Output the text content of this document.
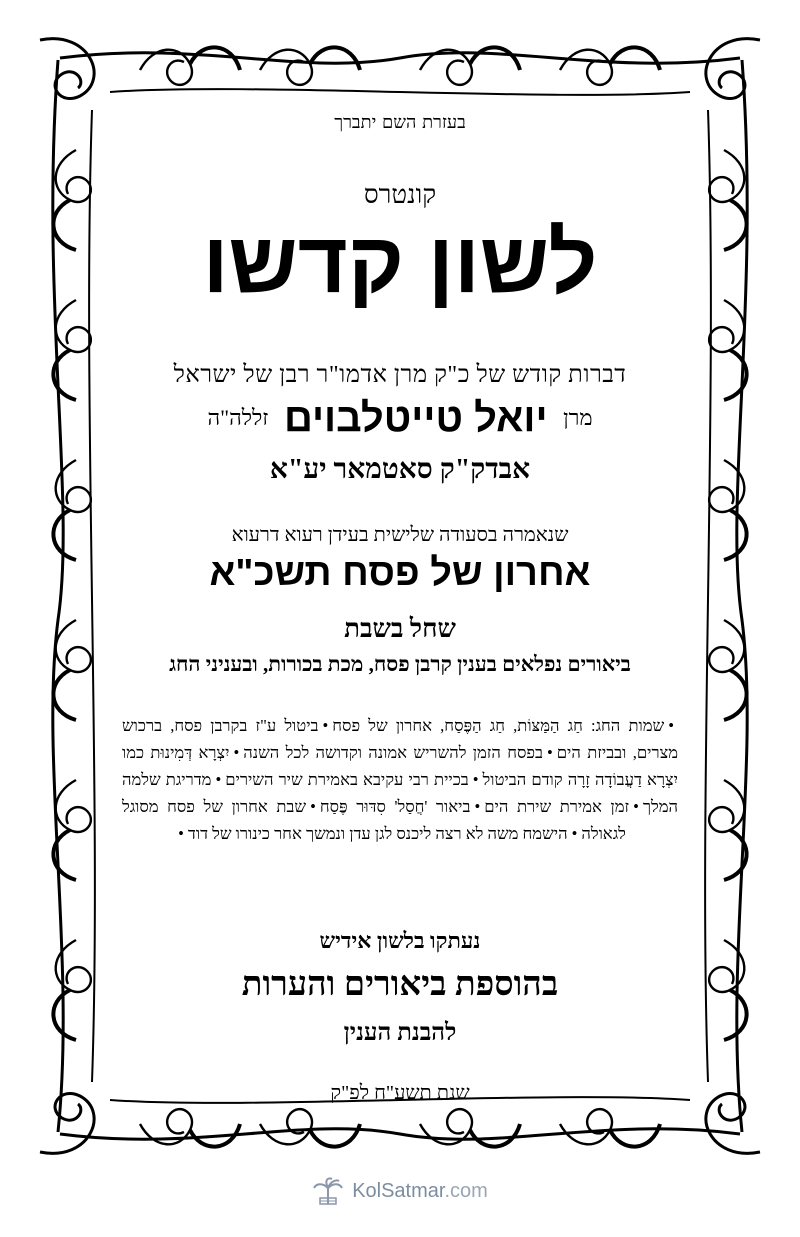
בעזרת השם יתברך
קונטרס
לשון קדשו
דברות קודש של כ"ק מרן אדמו"ר רבן של ישראל
מרן יואל טייטלבוים זללה"ה
אבדק"ק סאטמאר יע"א
שנאמרה בסעודה שלישית בעידן רעוא דרעוא
אחרון של פסח תשכ"א
שחל בשבת
ביאורים נפלאים בענין קרבן פסח, מכת בכורות, ובעניני החג
•שמות החג: חַג הַמַּצּוֹת, חַג הַפֶּסַח, אחרון של פסח•ביטול ע"ז בקרבן פסח, ברכוש מצרים, ובביזת הים•בפסח הזמן להשריש אמונה וקדושה לכל השנה•יִצְרָא דְּמִינוּת כמו יִצְרָא דַעֲבוֹדָה זָרָה קודם הביטול•בכיית רבי עקיבא באמירת שיר השירים•מדריגת שלמה המלך•זמן אמירת שירת הים•ביאור 'חֲסַל' סִדּוּר פֶּסַח•שבת אחרון של פסח מסוגל לגאולה•הישמח משה לא רצה ליכנס לגן עדן ונמשך אחר כינורו של דוד•
נעתקו בלשון אידיש
בהוספת ביאורים והערות
להבנת הענין
שנת תשע"ח לפ"ק
KolSatmar.com
